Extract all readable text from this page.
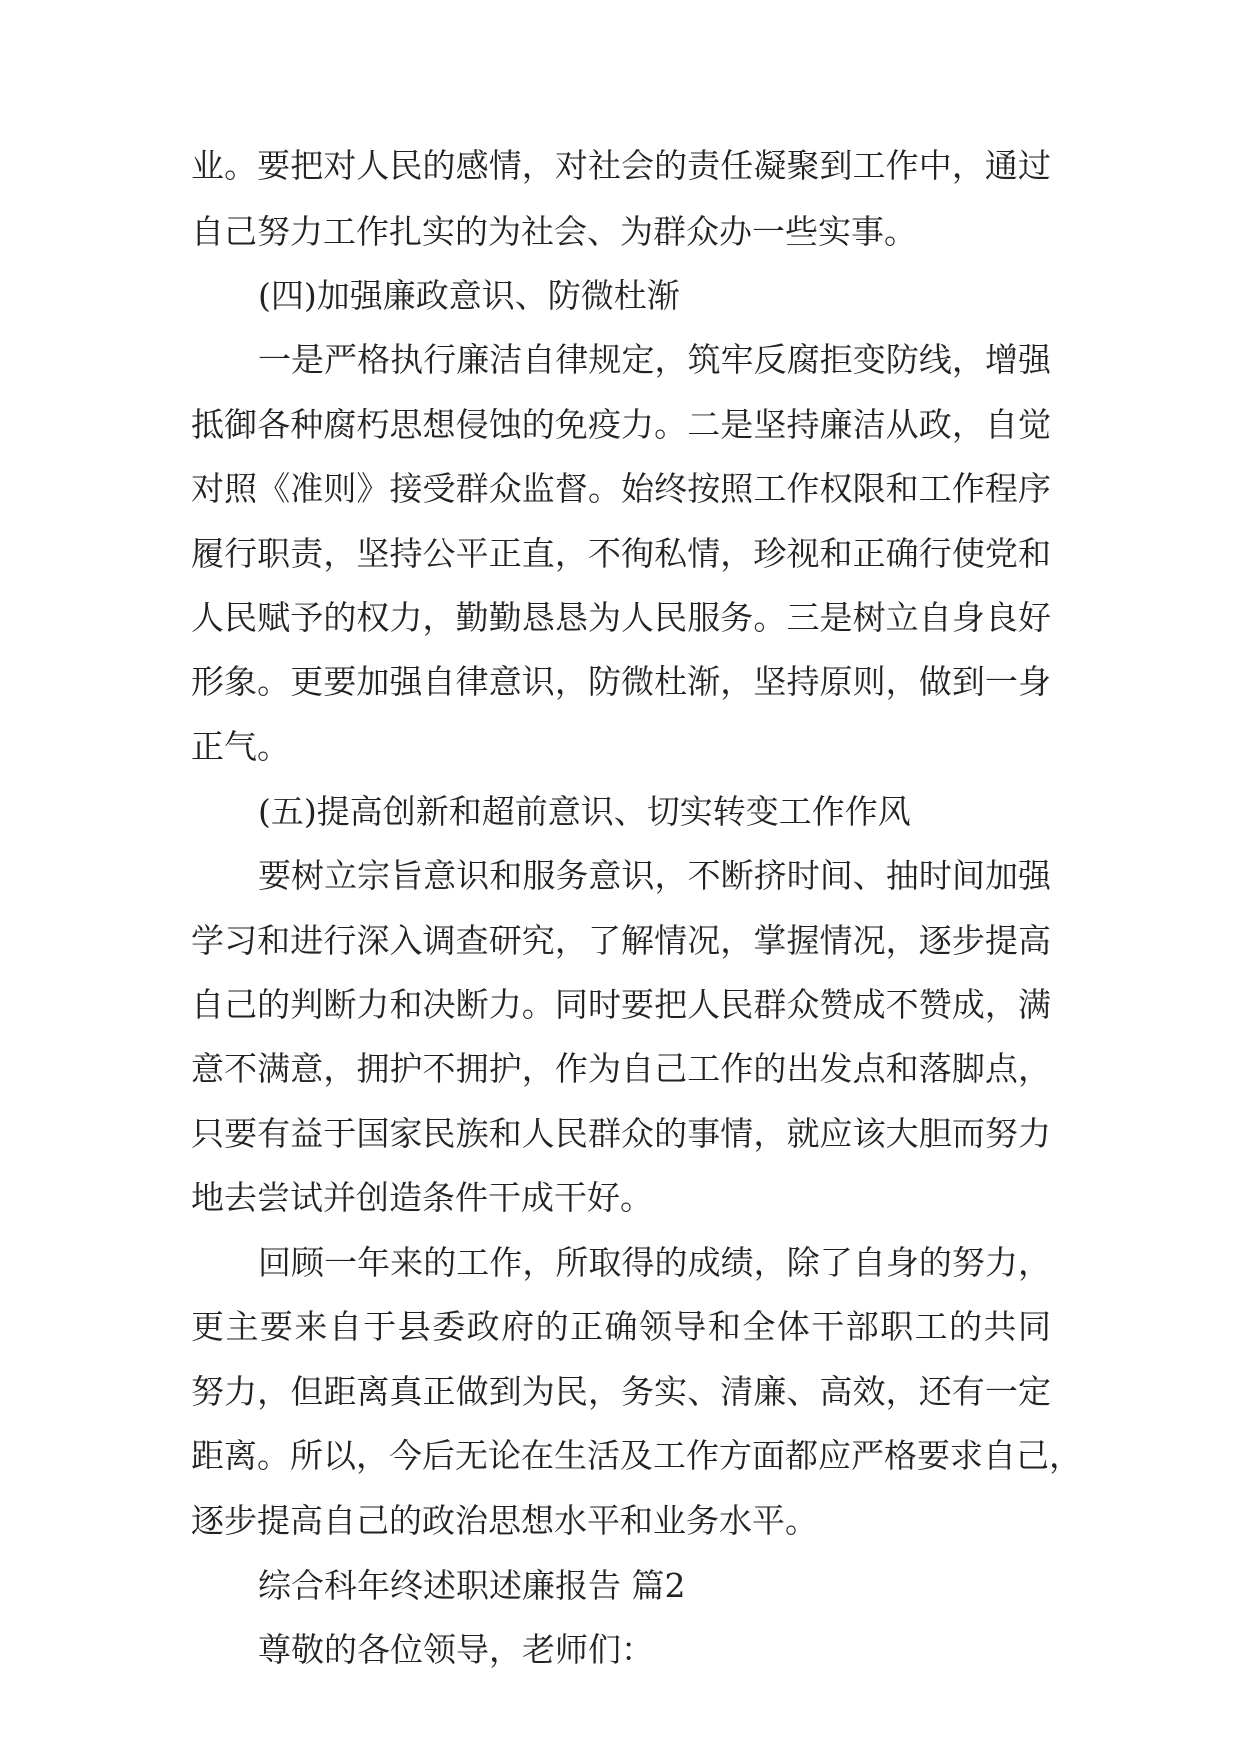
业。要把对人民的感情，对社会的责任凝聚到工作中，通过
自己努力工作扎实的为社会、为群众办一些实事。
(四)加强廉政意识、防微杜渐
一是严格执行廉洁自律规定，筑牢反腐拒变防线，增强
抵御各种腐朽思想侵蚀的免疫力。二是坚持廉洁从政，自觉
对照《准则》接受群众监督。始终按照工作权限和工作程序
履行职责，坚持公平正直，不徇私情，珍视和正确行使党和
人民赋予的权力，勤勤恳恳为人民服务。三是树立自身良好
形象。更要加强自律意识，防微杜渐，坚持原则，做到一身
正气。
(五)提高创新和超前意识、切实转变工作作风
要树立宗旨意识和服务意识，不断挤时间、抽时间加强
学习和进行深入调查研究，了解情况，掌握情况，逐步提高
自己的判断力和决断力。同时要把人民群众赞成不赞成，满
意不满意，拥护不拥护，作为自己工作的出发点和落脚点，
只要有益于国家民族和人民群众的事情，就应该大胆而努力
地去尝试并创造条件干成干好。
回顾一年来的工作，所取得的成绩，除了自身的努力，
更主要来自于县委政府的正确领导和全体干部职工的共同
努力，但距离真正做到为民，务实、清廉、高效，还有一定
距离。所以，今后无论在生活及工作方面都应严格要求自己，
逐步提高自己的政治思想水平和业务水平。
综合科年终述职述廉报告 篇2
尊敬的各位领导，老师们：
